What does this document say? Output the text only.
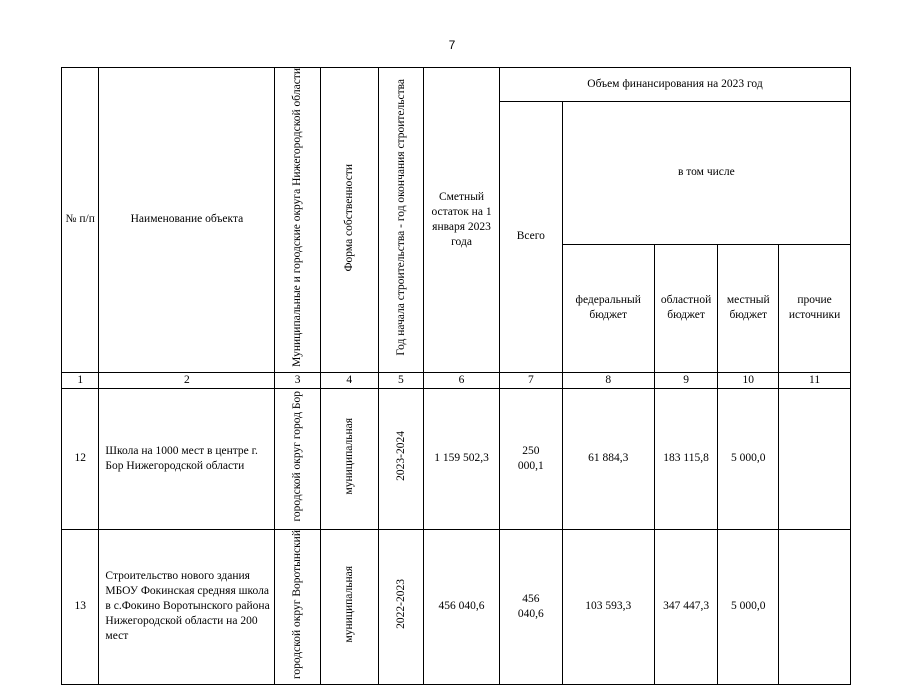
7
№ п/п	Наименование объекта	Муниципальные и городские округа Нижегородской области	Форма собственности	Год начала строительства - год окончания строительства	Сметный остаток на 1 января 2023 года	Объем финансирования на 2023 год				
						Всего	в том числе			
							федеральный бюджет	областной бюджет	местный бюджет	прочие источники
1	2	3	4	5	6	7	8	9	10	11
12	Школа на 1000 мест в центре г. Бор Нижегородской области	городской округ город Бор	муниципальная	2023-2024	1 159 502,3	250 000,1	61 884,3	183 115,8	5 000,0	
13	Строительство нового здания МБОУ Фокинская средняя школа в с.Фокино Воротынского района Нижегородской области на 200 мест	городской округ Воротынский	муниципальная	2022-2023	456 040,6	456 040,6	103 593,3	347 447,3	5 000,0	
